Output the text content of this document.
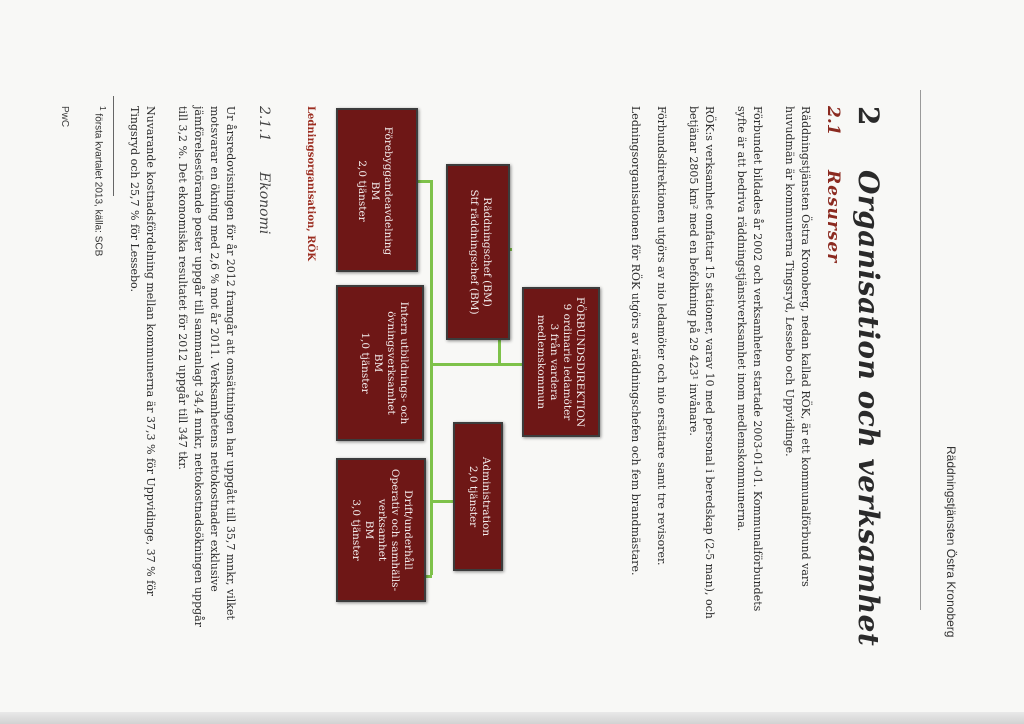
Räddningstjänsten Östra Kronoberg
2
Organisation och verksamhet
2.1
Resurser
Räddningstjänsten Östra Kronoberg, nedan kallad RÖK, är ett kommunalförbund vars
huvudmän är kommunerna Tingsryd, Lessebo och Uppvidinge.
Förbundet bildades år 2002 och verksamheten startade 2003-01-01. Kommunalförbundets
syfte är att bedriva räddningstjänstverksamhet inom medlemskommunerna.
RÖK:s verksamhet omfattar 15 stationer, varav 10 med personal i beredskap (2-5 man), och
betjänar 2805 km² med en befolkning på 29 423¹ invånare.
Förbundsdirektionen utgörs av nio ledamöter och nio ersättare samt tre revisorer.
Ledningsorganisationen för RÖK utgörs av räddningschefen och fem brandmästare.
FÖRBUNDSDIREKTION
9 ordinarie ledamöter
3 från vardera
medlemskommun
Räddningschef (BM)
Stf räddningschef (BM)
Administration
2,0 tjänster
Förebyggandeavdelning
BM
2,0 tjänster
Intern utbildnings- och
övningsverksamhet
BM
1,0 tjänster
Drift/underhåll
Operativ och samhälls-
verksamhet
BM
3,0 tjänster
Ledningsorganisation, RÖK
2.1.1
Ekonomi
Ur årsredovisningen för år 2012 framgår att omsättningen har uppgått till 35,7 mnkr, vilket
motsvarar en ökning med 2,6 % mot år 2011. Verksamhetens nettokostnader exklusive
jämförelsestörande poster uppgår till sammanlagt 34,4 mnkr, nettokostnadsökningen uppgår
till 3,2 %. Det ekonomiska resultatet för 2012 uppgår till 347 tkr.
Nuvarande kostnadsfördelning mellan kommunerna är 37,3 % för Uppvidinge, 37 % för
Tingsryd och 25,7 % för Lessebo.
$^1$ första kvartalet 2013, källa: SCB
PwC
